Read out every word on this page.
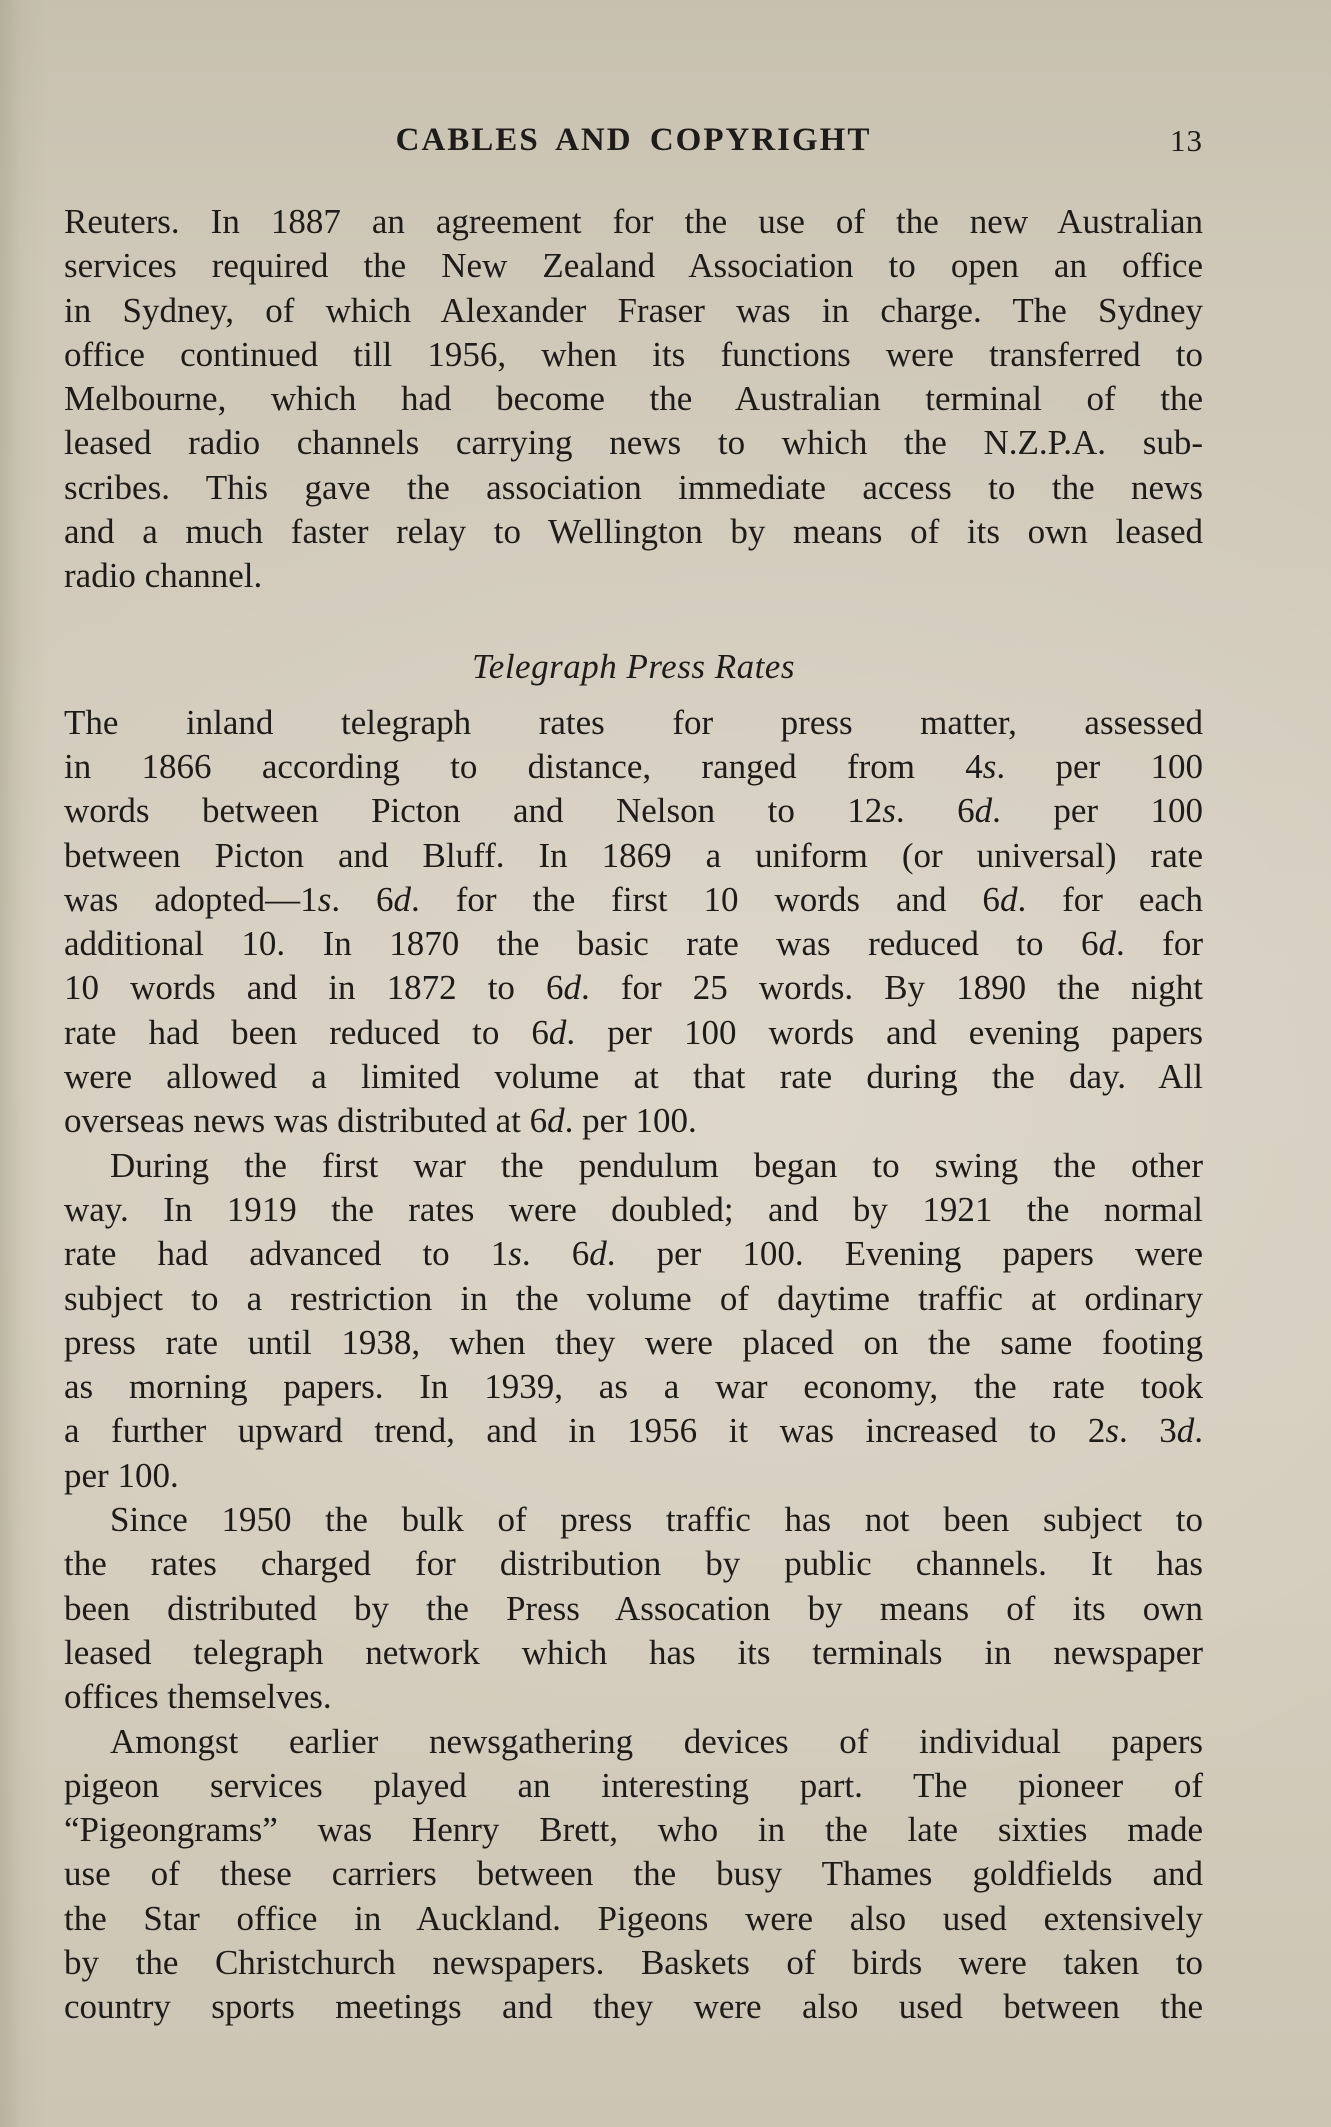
CABLES AND COPYRIGHT	13
Reuters. In 1887 an agreement for the use of the new Australian
services required the New Zealand Association to open an office
in Sydney, of which Alexander Fraser was in charge. The Sydney
office continued till 1956, when its functions were transferred to
Melbourne, which had become the Australian terminal of the
leased radio channels carrying news to which the N.Z.P.A. sub-
scribes. This gave the association immediate access to the news
and a much faster relay to Wellington by means of its own leased
radio channel.
Telegraph Press Rates
The inland telegraph rates for press matter, assessed
in 1866 according to distance, ranged from 4s. per 100
words between Picton and Nelson to 12s. 6d. per 100
between Picton and Bluff. In 1869 a uniform (or universal) rate
was adopted—1s. 6d. for the first 10 words and 6d. for each
additional 10. In 1870 the basic rate was reduced to 6d. for
10 words and in 1872 to 6d. for 25 words. By 1890 the night
rate had been reduced to 6d. per 100 words and evening papers
were allowed a limited volume at that rate during the day. All
overseas news was distributed at 6d. per 100.
During the first war the pendulum began to swing the other
way. In 1919 the rates were doubled; and by 1921 the normal
rate had advanced to 1s. 6d. per 100. Evening papers were
subject to a restriction in the volume of daytime traffic at ordinary
press rate until 1938, when they were placed on the same footing
as morning papers. In 1939, as a war economy, the rate took
a further upward trend, and in 1956 it was increased to 2s. 3d.
per 100.
Since 1950 the bulk of press traffic has not been subject to
the rates charged for distribution by public channels. It has
been distributed by the Press Assocation by means of its own
leased telegraph network which has its terminals in newspaper
offices themselves.
Amongst earlier newsgathering devices of individual papers
pigeon services played an interesting part. The pioneer of
“Pigeongrams” was Henry Brett, who in the late sixties made
use of these carriers between the busy Thames goldfields and
the Star office in Auckland. Pigeons were also used extensively
by the Christchurch newspapers. Baskets of birds were taken to
country sports meetings and they were also used between the
